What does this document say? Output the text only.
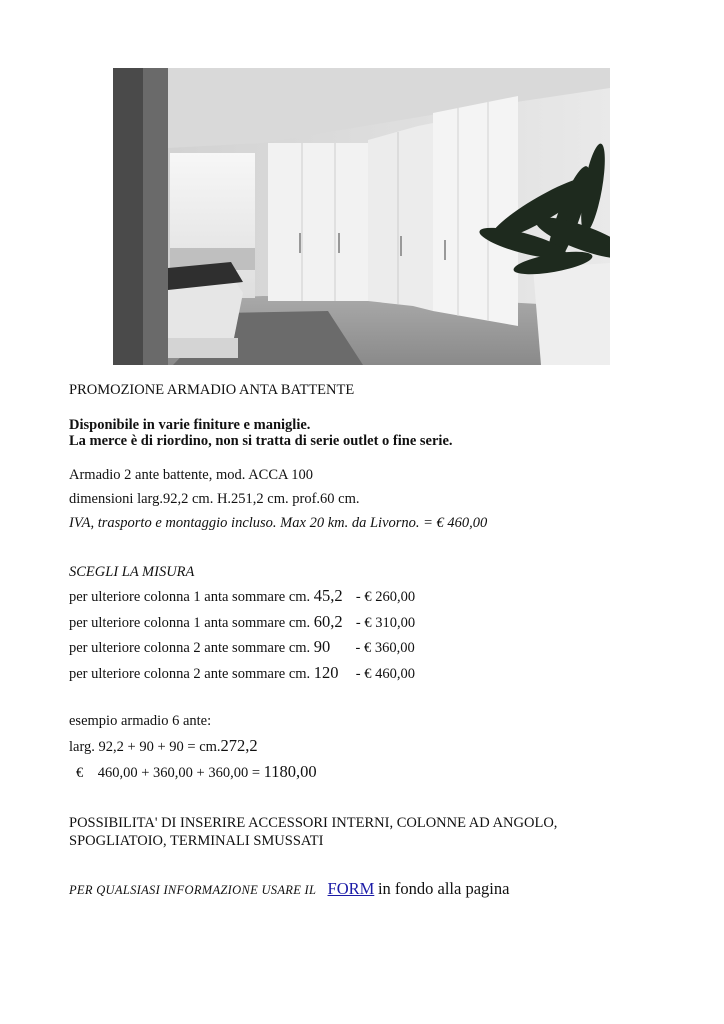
PROMOZIONE ARMADIO ANTA BATTENTE
Disponibile in varie finiture e maniglie.
La merce è di riordino, non si tratta di serie outlet o fine serie.
Armadio 2 ante battente, mod. ACCA 100
dimensioni larg.92,2 cm. H.251,2 cm. prof.60 cm.
IVA, trasporto e montaggio incluso. Max 20 km. da Livorno. = € 460,00
SCEGLI LA MISURA
per ulteriore colonna 1 anta sommare cm. 45,2 - € 260,00
per ulteriore colonna 1 anta sommare cm. 60,2 - € 310,00
per ulteriore colonna 2 ante sommare cm. 90 - € 360,00
per ulteriore colonna 2 ante sommare cm. 120 - € 460,00
esempio armadio 6 ante:
larg. 92,2 + 90 + 90 = cm.272,2
€    460,00 + 360,00 + 360,00 = 1180,00
POSSIBILITA' DI INSERIRE ACCESSORI INTERNI, COLONNE AD ANGOLO,
SPOGLIATOIO, TERMINALI SMUSSATI
PER QUALSIASI INFORMAZIONE USARE IL FORM in fondo alla pagina
